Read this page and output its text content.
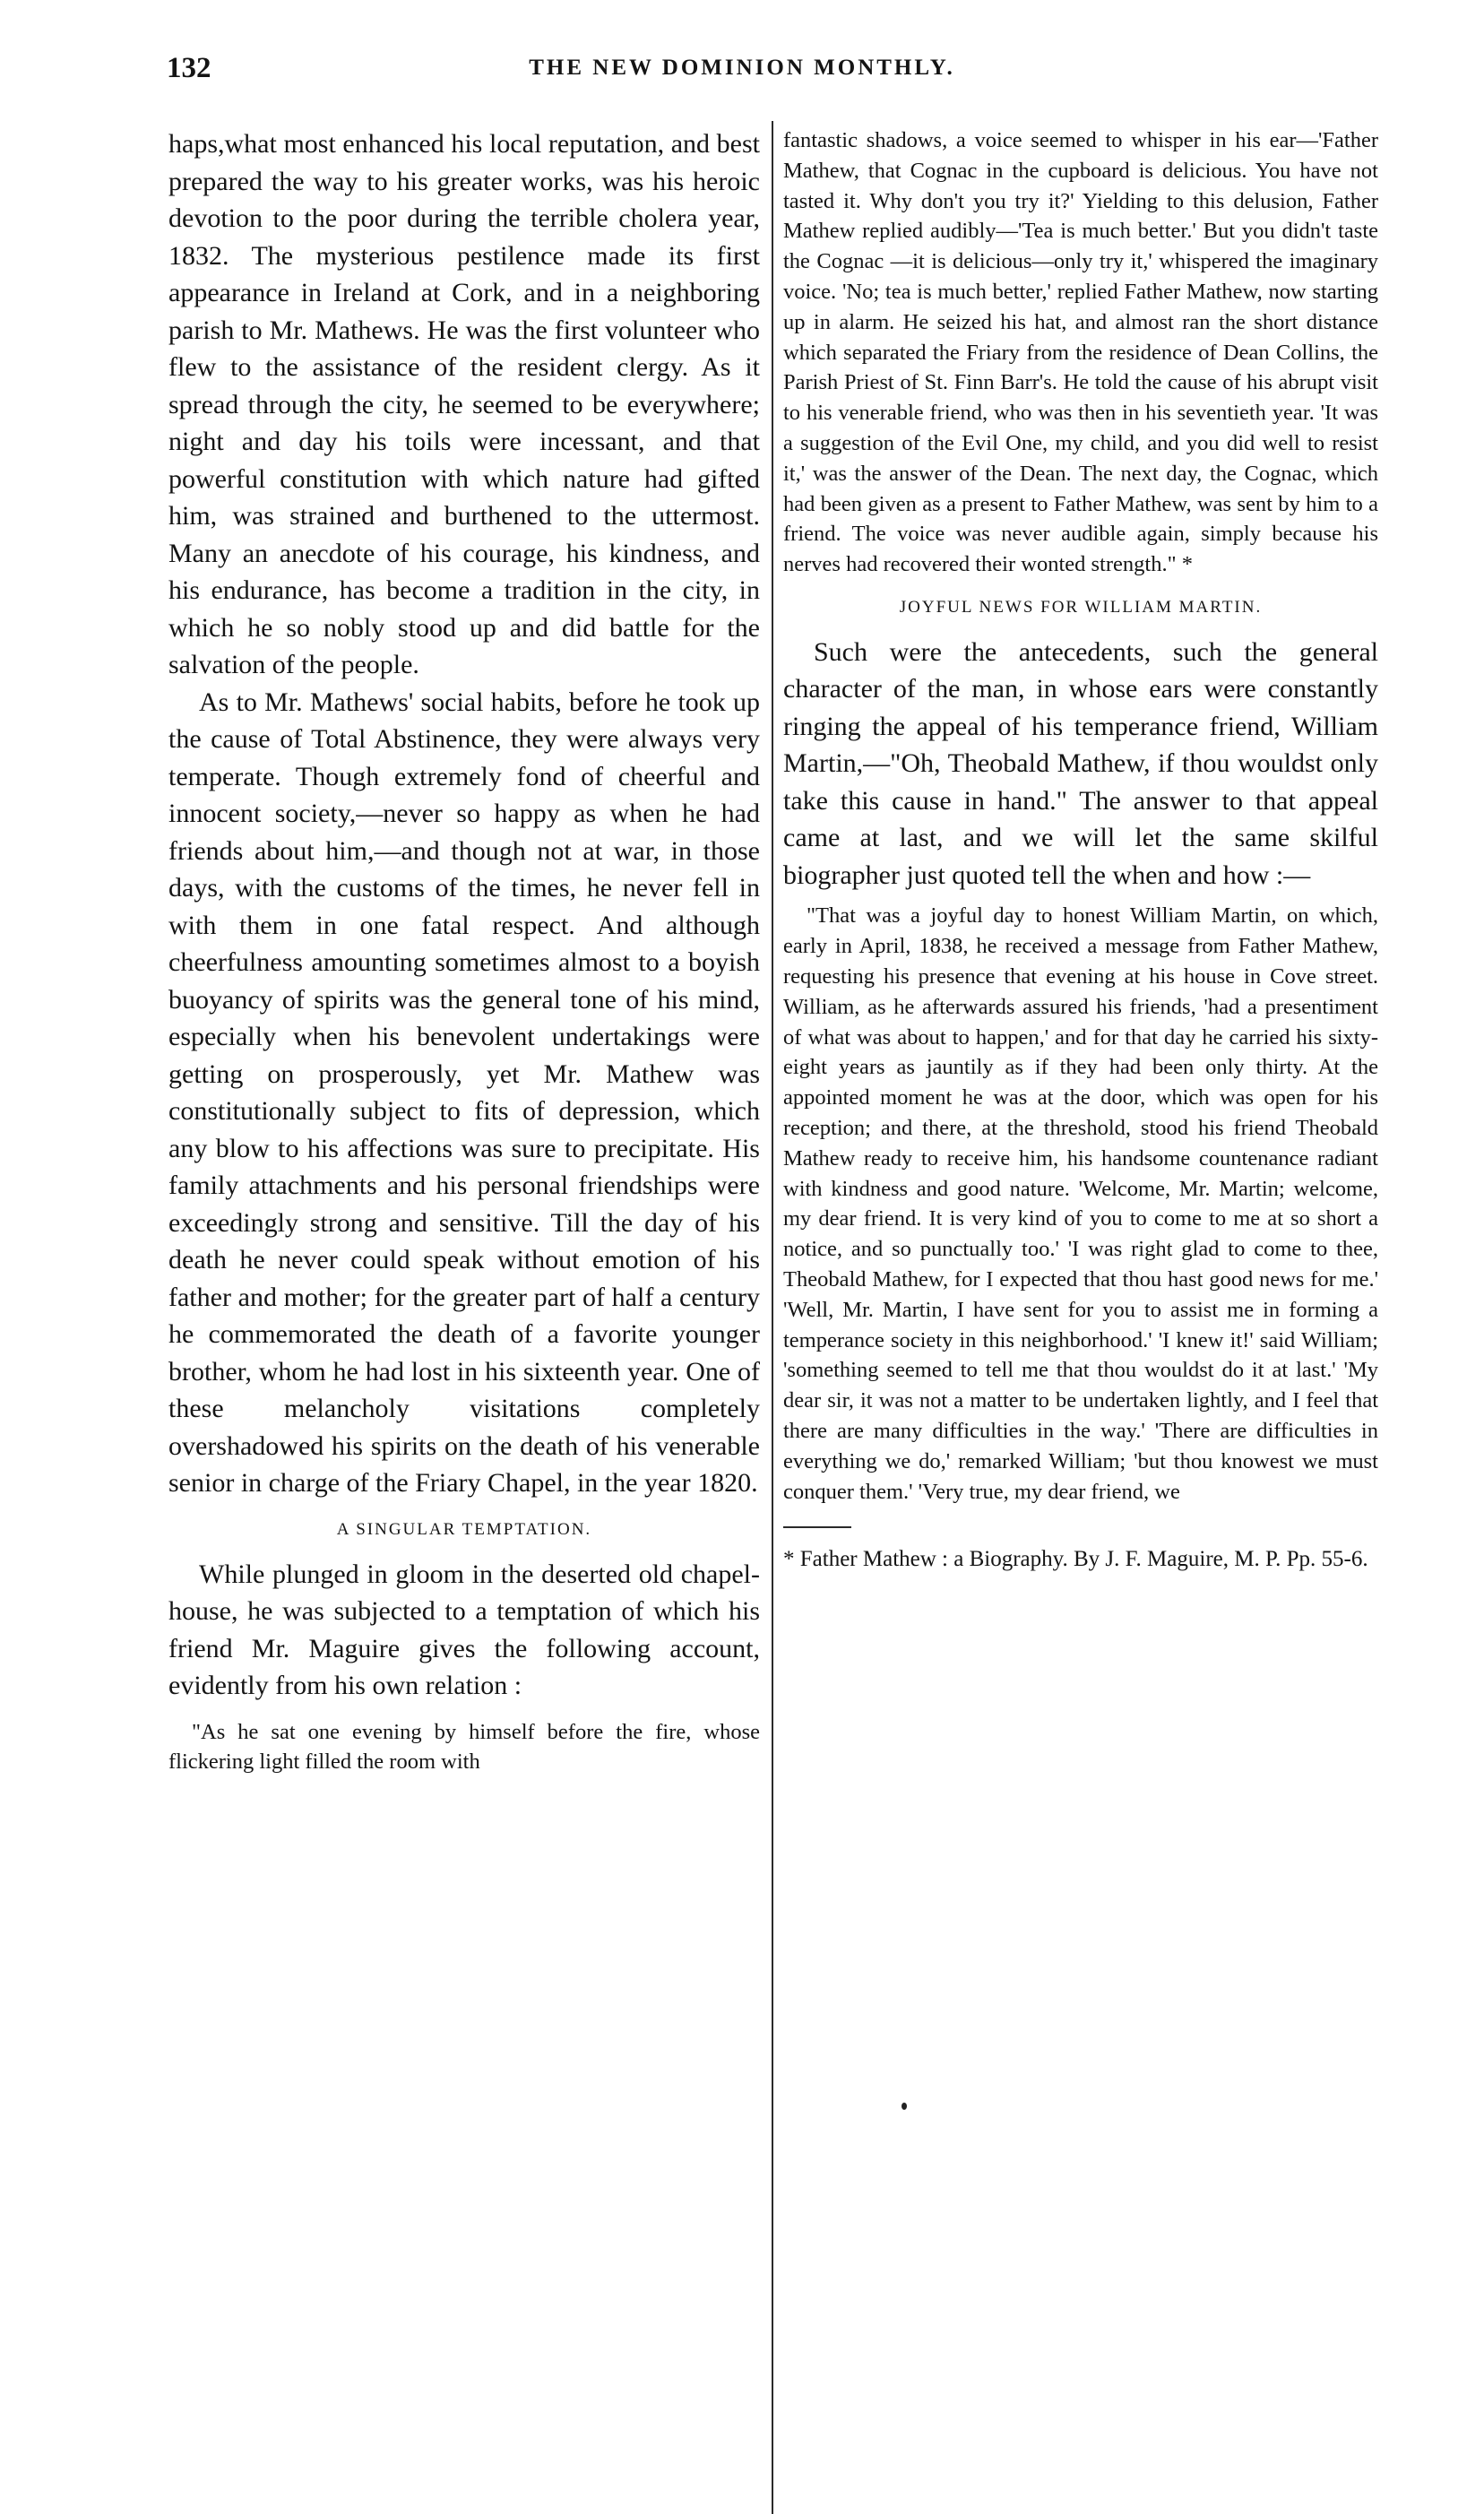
132	THE NEW DOMINION MONTHLY.

haps,what most enhanced his local reputation, and best prepared the way to his greater works, was his heroic devotion to the poor during the terrible cholera year, 1832. The mysterious pestilence made its first appearance in Ireland at Cork, and in a neighboring parish to Mr. Mathews. He was the first volunteer who flew to the assistance of the resident clergy. As it spread through the city, he seemed to be everywhere; night and day his toils were incessant, and that powerful constitution with which nature had gifted him, was strained and burthened to the uttermost. Many an anecdote of his courage, his kindness, and his endurance, has become a tradition in the city, in which he so nobly stood up and did battle for the salvation of the people.

As to Mr. Mathews' social habits, before he took up the cause of Total Abstinence, they were always very temperate. Though extremely fond of cheerful and innocent society,—never so happy as when he had friends about him,—and though not at war, in those days, with the customs of the times, he never fell in with them in one fatal respect. And although cheerfulness amounting sometimes almost to a boyish buoyancy of spirits was the general tone of his mind, especially when his benevolent undertakings were getting on prosperously, yet Mr. Mathew was constitutionally subject to fits of depression, which any blow to his affections was sure to precipitate. His family attachments and his personal friendships were exceedingly strong and sensitive. Till the day of his death he never could speak without emotion of his father and mother; for the greater part of half a century he commemorated the death of a favorite younger brother, whom he had lost in his sixteenth year. One of these melancholy visitations completely overshadowed his spirits on the death of his venerable senior in charge of the Friary Chapel, in the year 1820.

A SINGULAR TEMPTATION.

While plunged in gloom in the deserted old chapel-house, he was subjected to a temptation of which his friend Mr. Maguire gives the following account, evidently from his own relation :

"As he sat one evening by himself before the fire, whose flickering light filled the room with

fantastic shadows, a voice seemed to whisper in his ear—'Father Mathew, that Cognac in the cupboard is delicious. You have not tasted it. Why don't you try it?' Yielding to this delusion, Father Mathew replied audibly—'Tea is much better.' But you didn't taste the Cognac —it is delicious—only try it,' whispered the imaginary voice. 'No; tea is much better,' replied Father Mathew, now starting up in alarm. He seized his hat, and almost ran the short distance which separated the Friary from the residence of Dean Collins, the Parish Priest of St. Finn Barr's. He told the cause of his abrupt visit to his venerable friend, who was then in his seventieth year. 'It was a suggestion of the Evil One, my child, and you did well to resist it,' was the answer of the Dean. The next day, the Cognac, which had been given as a present to Father Mathew, was sent by him to a friend. The voice was never audible again, simply because his nerves had recovered their wonted strength." *

JOYFUL NEWS FOR WILLIAM MARTIN.

Such were the antecedents, such the general character of the man, in whose ears were constantly ringing the appeal of his temperance friend, William Martin,—"Oh, Theobald Mathew, if thou wouldst only take this cause in hand." The answer to that appeal came at last, and we will let the same skilful biographer just quoted tell the when and how :—

"That was a joyful day to honest William Martin, on which, early in April, 1838, he received a message from Father Mathew, requesting his presence that evening at his house in Cove street. William, as he afterwards assured his friends, 'had a presentiment of what was about to happen,' and for that day he carried his sixty-eight years as jauntily as if they had been only thirty. At the appointed moment he was at the door, which was open for his reception; and there, at the threshold, stood his friend Theobald Mathew ready to receive him, his handsome countenance radiant with kindness and good nature. 'Welcome, Mr. Martin; welcome, my dear friend. It is very kind of you to come to me at so short a notice, and so punctually too.' 'I was right glad to come to thee, Theobald Mathew, for I expected that thou hast good news for me.' 'Well, Mr. Martin, I have sent for you to assist me in forming a temperance society in this neighborhood.' 'I knew it!' said William; 'something seemed to tell me that thou wouldst do it at last.' 'My dear sir, it was not a matter to be undertaken lightly, and I feel that there are many difficulties in the way.' 'There are difficulties in everything we do,' remarked William; 'but thou knowest we must conquer them.' 'Very true, my dear friend, we

* Father Mathew : a Biography. By J. F. Maguire, M. P. Pp. 55-6.
